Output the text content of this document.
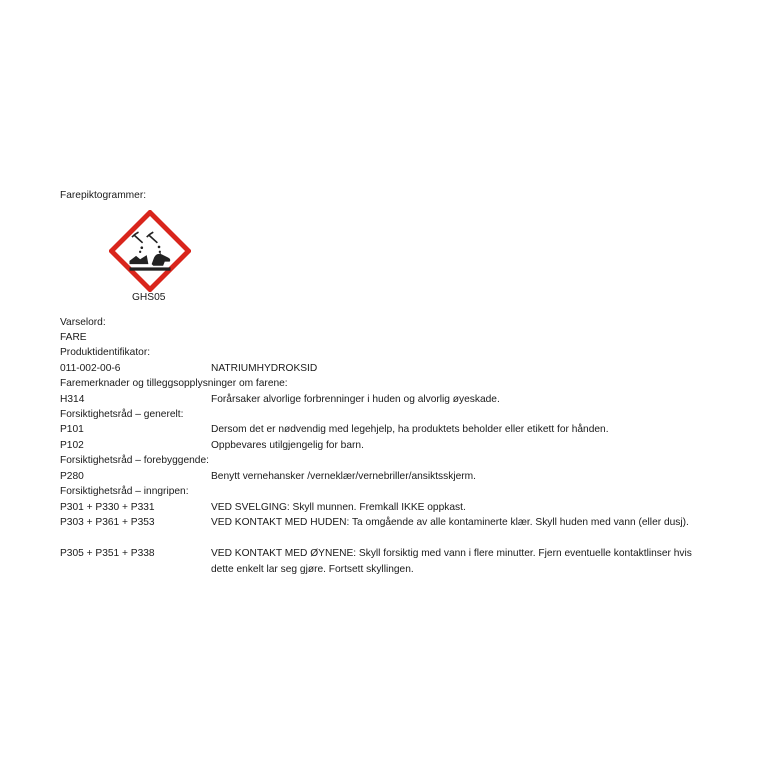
Farepiktogrammer:
GHS05
Varselord:
FARE
Produktidentifikator:
011-002-00-6	NATRIUMHYDROKSID
Faremerknader og tilleggsopplysninger om farene:
H314	Forårsaker alvorlige forbrenninger i huden og alvorlig øyeskade.
Forsiktighetsråd – generelt:
P101	Dersom det er nødvendig med legehjelp, ha produktets beholder eller etikett for hånden.
P102	Oppbevares utilgjengelig for barn.
Forsiktighetsråd – forebyggende:
P280	Benytt vernehansker /verneklær/vernebriller/ansiktsskjerm.
Forsiktighetsråd – inngripen:
P301 + P330 + P331	VED SVELGING: Skyll munnen. Fremkall IKKE oppkast.
P303 + P361 + P353	VED KONTAKT MED HUDEN: Ta omgående av alle kontaminerte klær. Skyll huden med vann (eller dusj).
P305 + P351 + P338	VED KONTAKT MED ØYNENE: Skyll forsiktig med vann i flere minutter. Fjern eventuelle kontaktlinser hvis dette enkelt lar seg gjøre. Fortsett skyllingen.
